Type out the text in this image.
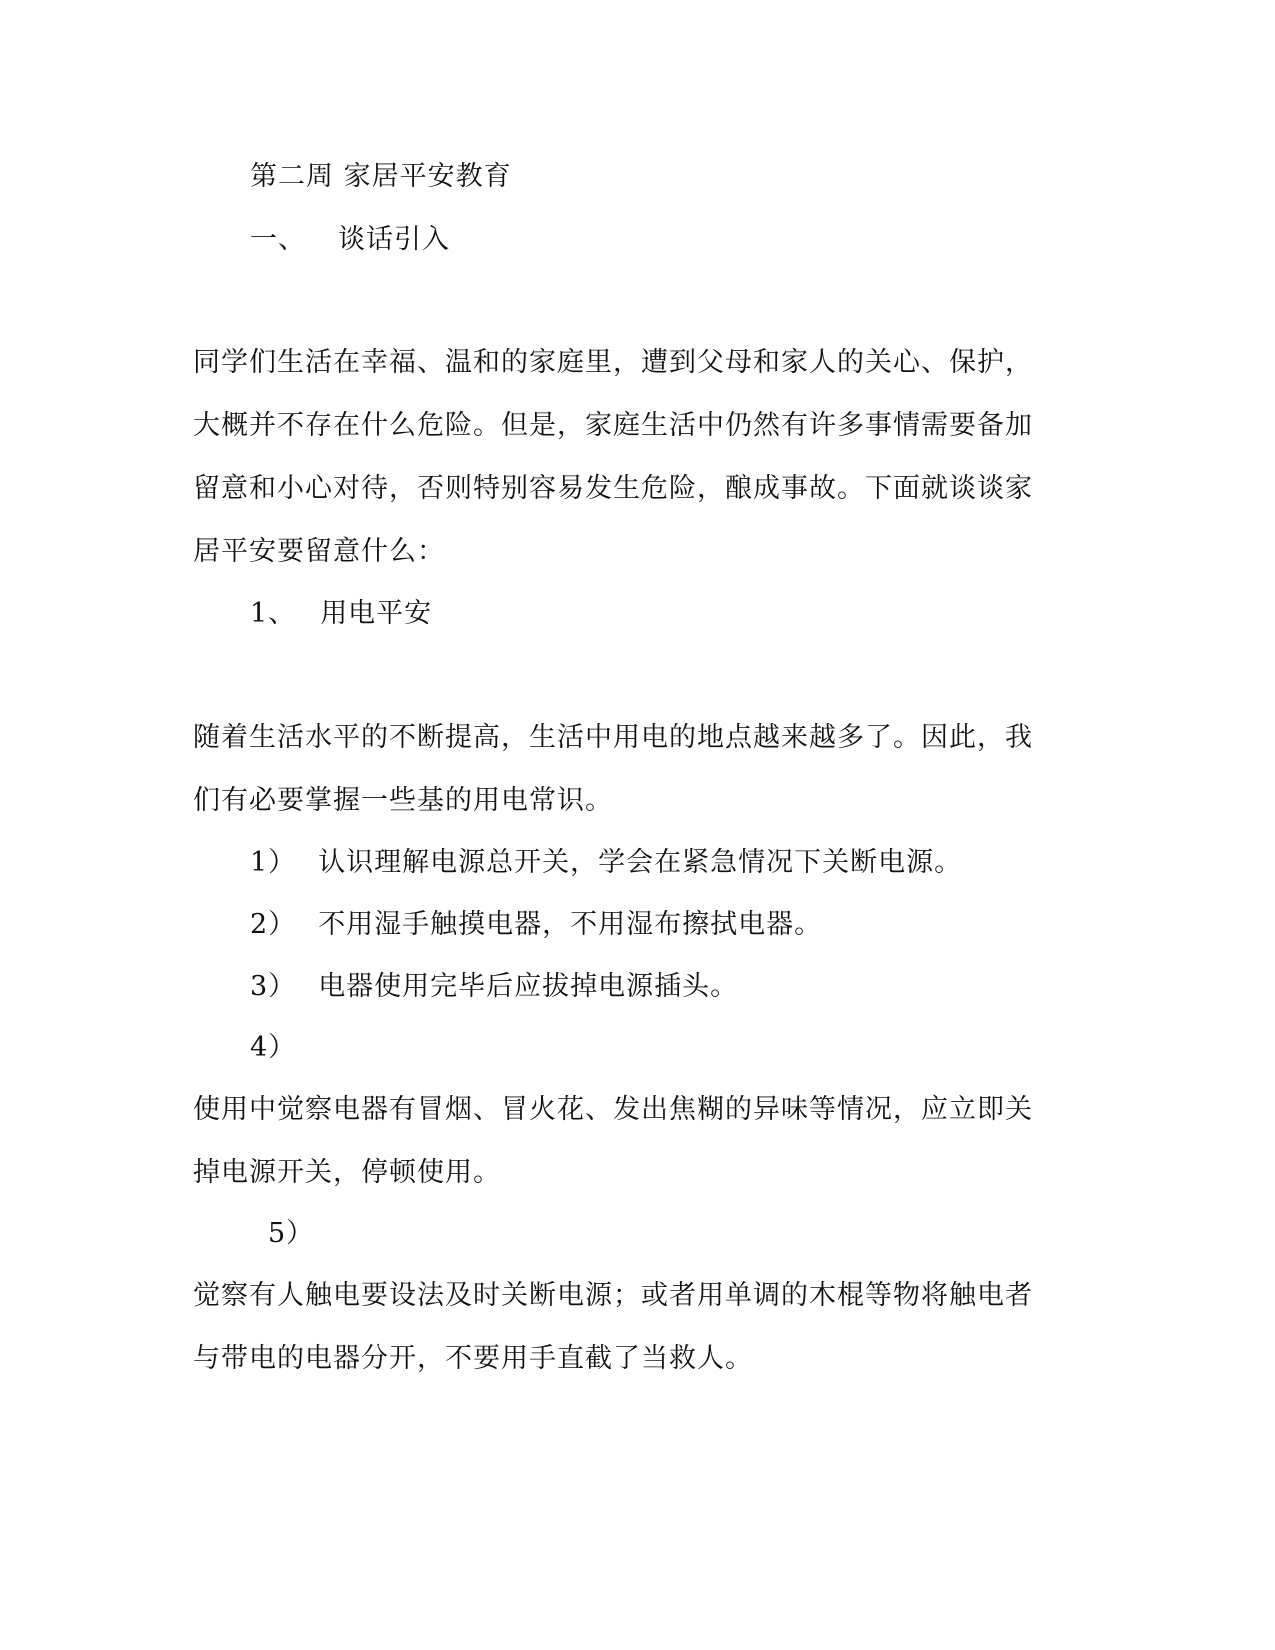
第二周 家居平安教育
一、 谈话引入
同学们生活在幸福、温和的家庭里，遭到父母和家人的关心、保护，
大概并不存在什么危险。但是，家庭生活中仍然有许多事情需要备加
留意和小心对待，否则特别容易发生危险，酿成事故。下面就谈谈家
居平安要留意什么：
1、 用电平安
随着生活水平的不断提高，生活中用电的地点越来越多了。因此，我
们有必要掌握一些基的用电常识。
1） 认识理解电源总开关，学会在紧急情况下关断电源。
2） 不用湿手触摸电器，不用湿布擦拭电器。
3） 电器使用完毕后应拔掉电源插头。
4）
使用中觉察电器有冒烟、冒火花、发出焦糊的异味等情况，应立即关
掉电源开关，停顿使用。
5）
觉察有人触电要设法及时关断电源；或者用单调的木棍等物将触电者
与带电的电器分开，不要用手直截了当救人。
